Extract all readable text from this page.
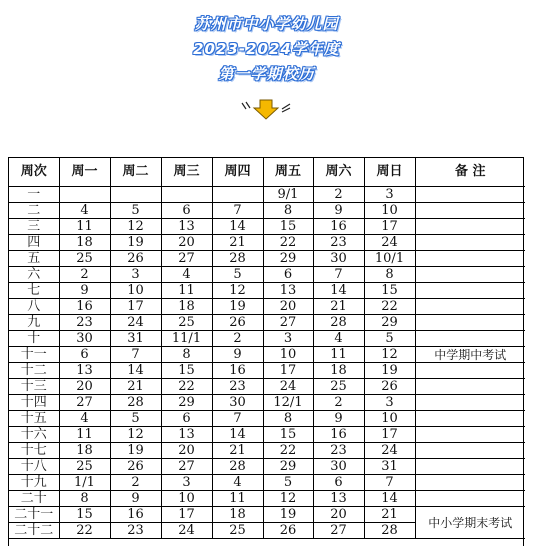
苏州市中小学幼儿园
2023-2024学年度
第一学期校历
周次	周一	周二	周三	周四	周五	周六	周日	备 注
一					9/1	2	3	
二	4	5	6	7	8	9	10	
三	11	12	13	14	15	16	17	
四	18	19	20	21	22	23	24	
五	25	26	27	28	29	30	10/1	
六	2	3	4	5	6	7	8	
七	9	10	11	12	13	14	15	
八	16	17	18	19	20	21	22	
九	23	24	25	26	27	28	29	
十	30	31	11/1	2	3	4	5	
十一	6	7	8	9	10	11	12	中学期中考试
十二	13	14	15	16	17	18	19	
十三	20	21	22	23	24	25	26	
十四	27	28	29	30	12/1	2	3	
十五	4	5	6	7	8	9	10	
十六	11	12	13	14	15	16	17	
十七	18	19	20	21	22	23	24	
十八	25	26	27	28	29	30	31	
十九	1/1	2	3	4	5	6	7	
二十	8	9	10	11	12	13	14	
二十一	15	16	17	18	19	20	21	中小学期末考试
二十二	22	23	24	25	26	27	28	
